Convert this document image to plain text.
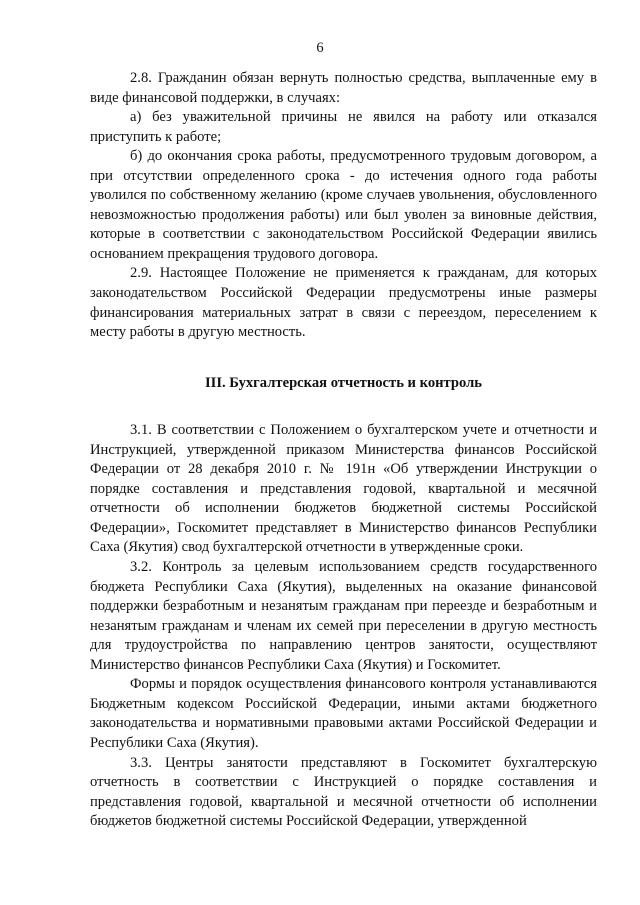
6

2.8. Гражданин обязан вернуть полностью средства, выплаченные ему в виде финансовой поддержки, в случаях:

а) без уважительной причины не явился на работу или отказался приступить к работе;

б) до окончания срока работы, предусмотренного трудовым договором, а при отсутствии определенного срока - до истечения одного года работы уволился по собственному желанию (кроме случаев увольнения, обусловленного невозможностью продолжения работы) или был уволен за виновные действия, которые в соответствии с законодательством Российской Федерации явились основанием прекращения трудового договора.

2.9. Настоящее Положение не применяется к гражданам, для которых законодательством Российской Федерации предусмотрены иные размеры финансирования материальных затрат в связи с переездом, переселением к месту работы в другую местность.

III. Бухгалтерская отчетность и контроль

3.1. В соответствии с Положением о бухгалтерском учете и отчетности и Инструкцией, утвержденной приказом Министерства финансов Российской Федерации от 28 декабря 2010 г. № 191н «Об утверждении Инструкции о порядке составления и представления годовой, квартальной и месячной отчетности об исполнении бюджетов бюджетной системы Российской Федерации», Госкомитет представляет в Министерство финансов Республики Саха (Якутия) свод бухгалтерской отчетности в утвержденные сроки.

3.2. Контроль за целевым использованием средств государственного бюджета Республики Саха (Якутия), выделенных на оказание финансовой поддержки безработным и незанятым гражданам при переезде и безработным и незанятым гражданам и членам их семей при переселении в другую местность для трудоустройства по направлению центров занятости, осуществляют Министерство финансов Республики Саха (Якутия) и Госкомитет.

Формы и порядок осуществления финансового контроля устанавливаются Бюджетным кодексом Российской Федерации, иными актами бюджетного законодательства и нормативными правовыми актами Российской Федерации и Республики Саха (Якутия).

3.3. Центры занятости представляют в Госкомитет бухгалтерскую отчетность в соответствии с Инструкцией о порядке составления и представления годовой, квартальной и месячной отчетности об исполнении бюджетов бюджетной системы Российской Федерации, утвержденной
